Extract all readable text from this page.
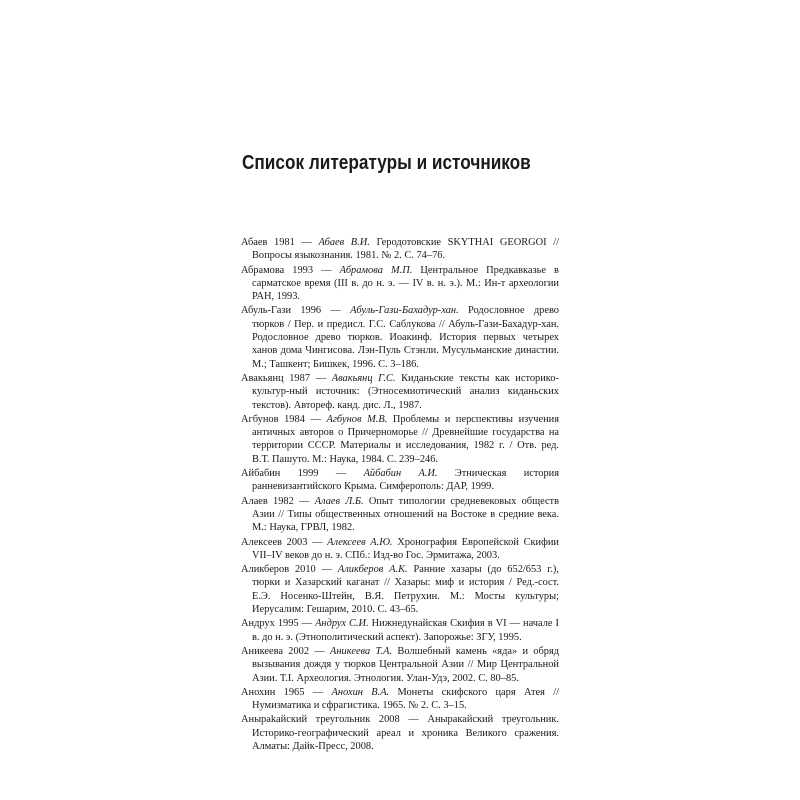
Список литературы и источников

Абаев 1981 — Абаев В.И. Геродотовские SKYTHAI GEORGOI // Вопросы языкознания. 1981. № 2. С. 74–76.

Абрамова 1993 — Абрамова М.П. Центральное Предкавказье в сарматское время (III в. до н. э. — IV в. н. э.). М.: Ин-т археологии РАН, 1993.

Абуль-Гази 1996 — Абуль-Гази-Бахадур-хан. Родословное древо тюрков / Пер. и предисл. Г.С. Саблукова // Абуль-Гази-Бахадур-хан. Родословное древо тюрков. Иоакинф. История первых четырех ханов дома Чингисова. Лэн-Пуль Стэнли. Мусульманские династии. М.; Ташкент; Бишкек, 1996. С. 3–186.

Авакьянц 1987 — Авакьянц Г.С. Киданьские тексты как историко-культур-ный источник: (Этносемиотический анализ киданьских текстов). Автореф. канд. дис. Л., 1987.

Агбунов 1984 — Агбунов М.В. Проблемы и перспективы изучения античных авторов о Причерноморье // Древнейшие государства на территории СССР. Материалы и исследования, 1982 г. / Отв. ред. В.Т. Пашуто. М.: Наука, 1984. С. 239–246.

Айбабин 1999 — Айбабин А.И. Этническая история ранневизантийского Крыма. Симферополь: ДАР, 1999.

Алаев 1982 — Алаев Л.Б. Опыт типологии средневековых обществ Азии // Типы общественных отношений на Востоке в средние века. М.: Наука, ГРВЛ, 1982.

Алексеев 2003 — Алексеев А.Ю. Хронография Европейской Скифии VII–IV веков до н. э. СПб.: Изд-во Гос. Эрмитажа, 2003.

Аликберов 2010 — Аликберов А.К. Ранние хазары (до 652/653 г.), тюрки и Хазарский каганат // Хазары: миф и история / Ред.-сост. Е.Э. Носенко-Штейн, В.Я. Петрухин. М.: Мосты культуры; Иерусалим: Гешарим, 2010. С. 43–65.

Андрух 1995 — Андрух С.И. Нижнедунайская Скифия в VI — начале I в. до н. э. (Этнополитический аспект). Запорожье: ЗГУ, 1995.

Аникеева 2002 — Аникеева Т.А. Волшебный камень «яда» и обряд вызывания дождя у тюрков Центральной Азии // Мир Центральной Азии. Т.I. Археология. Этнология. Улан-Удэ, 2002. С. 80–85.

Анохин 1965 — Анохин В.А. Монеты скифского царя Атея // Нумизматика и сфрагистика. 1965. № 2. С. 3–15.

Анырakайский треугольник 2008 — Анырaкайский треугольник. Историко-географический ареал и хроника Великого сражения. Алматы: Дайк-Пресс, 2008.
